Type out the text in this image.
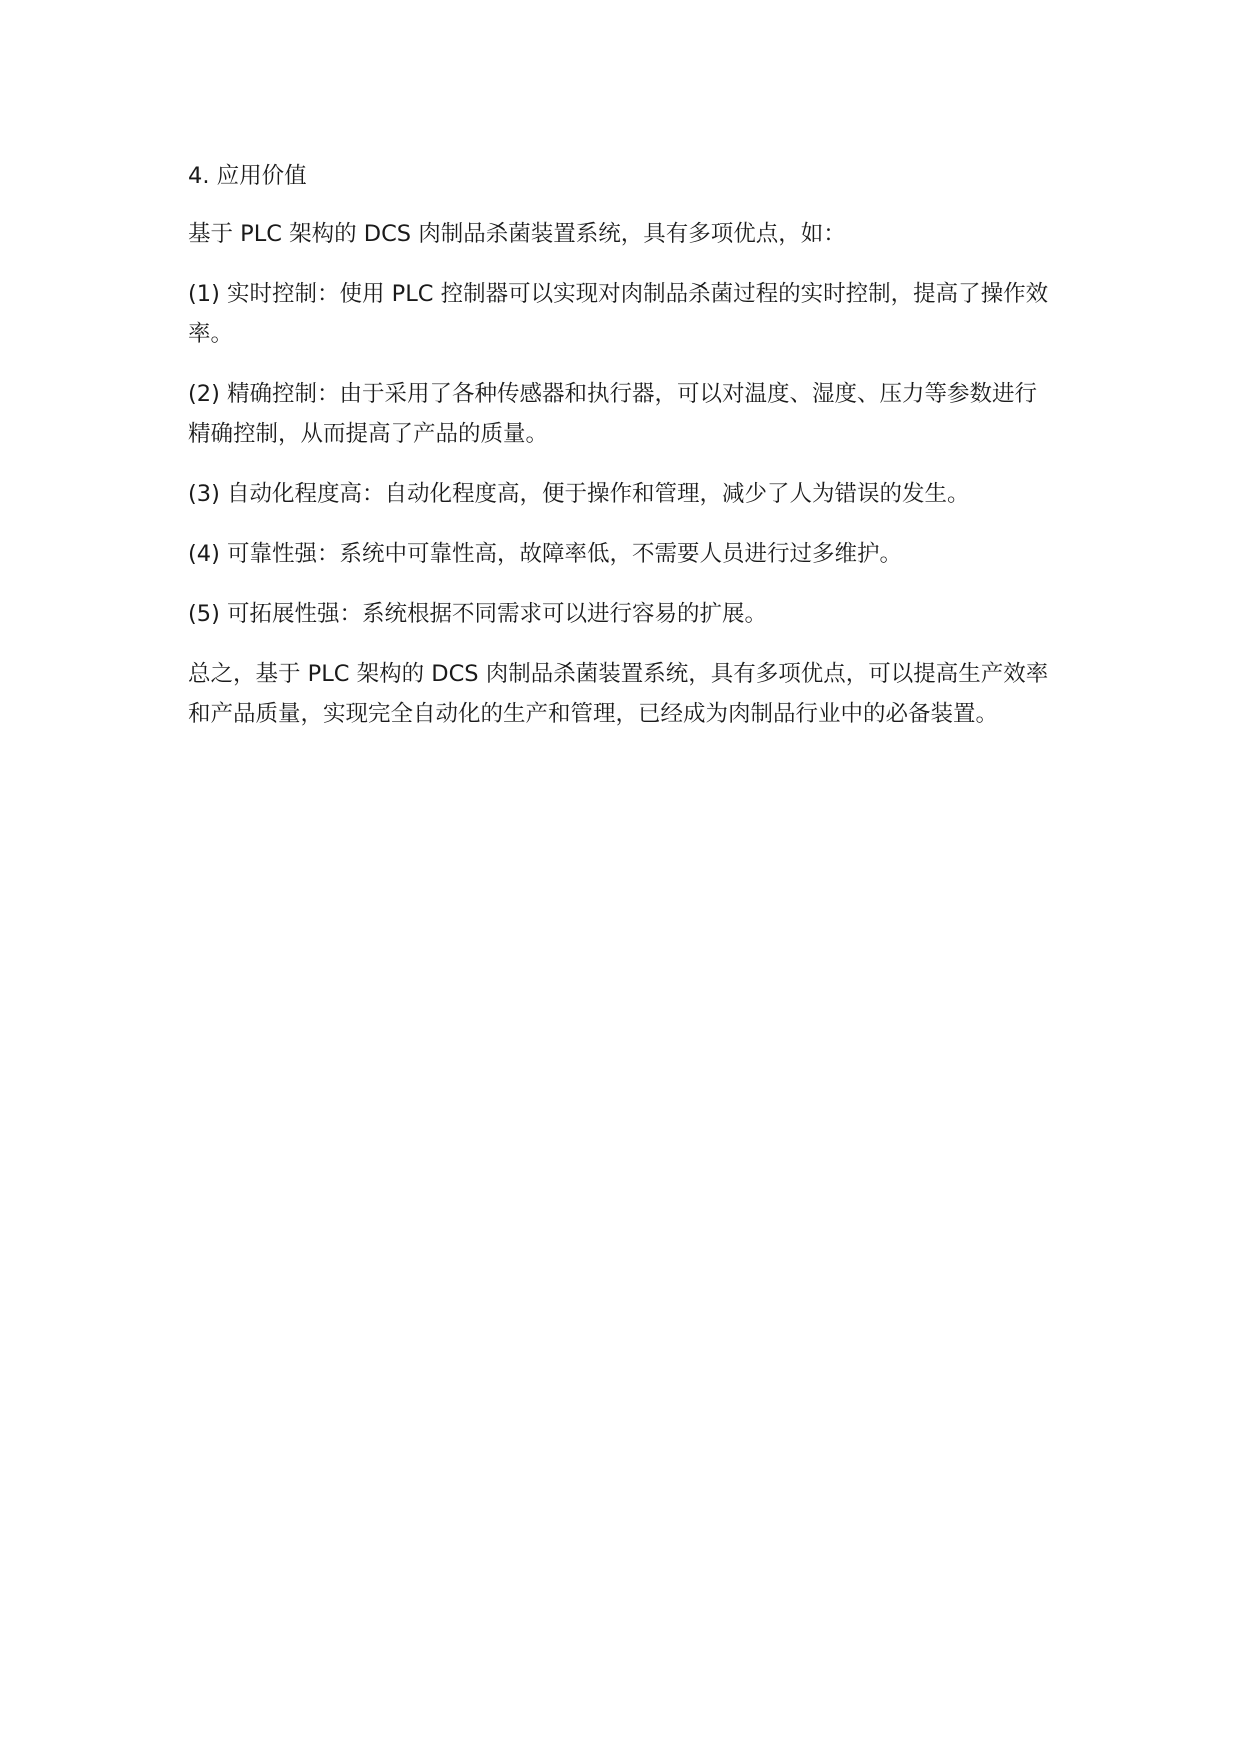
4. 应用价值

基于 PLC 架构的 DCS 肉制品杀菌装置系统，具有多项优点，如：

(1) 实时控制：使用 PLC 控制器可以实现对肉制品杀菌过程的实时控制，提高了操作效率。

(2) 精确控制：由于采用了各种传感器和执行器，可以对温度、湿度、压力等参数进行精确控制，从而提高了产品的质量。

(3) 自动化程度高：自动化程度高，便于操作和管理，减少了人为错误的发生。

(4) 可靠性强：系统中可靠性高，故障率低，不需要人员进行过多维护。

(5) 可拓展性强：系统根据不同需求可以进行容易的扩展。

总之，基于 PLC 架构的 DCS 肉制品杀菌装置系统，具有多项优点，可以提高生产效率和产品质量，实现完全自动化的生产和管理，已经成为肉制品行业中的必备装置。
